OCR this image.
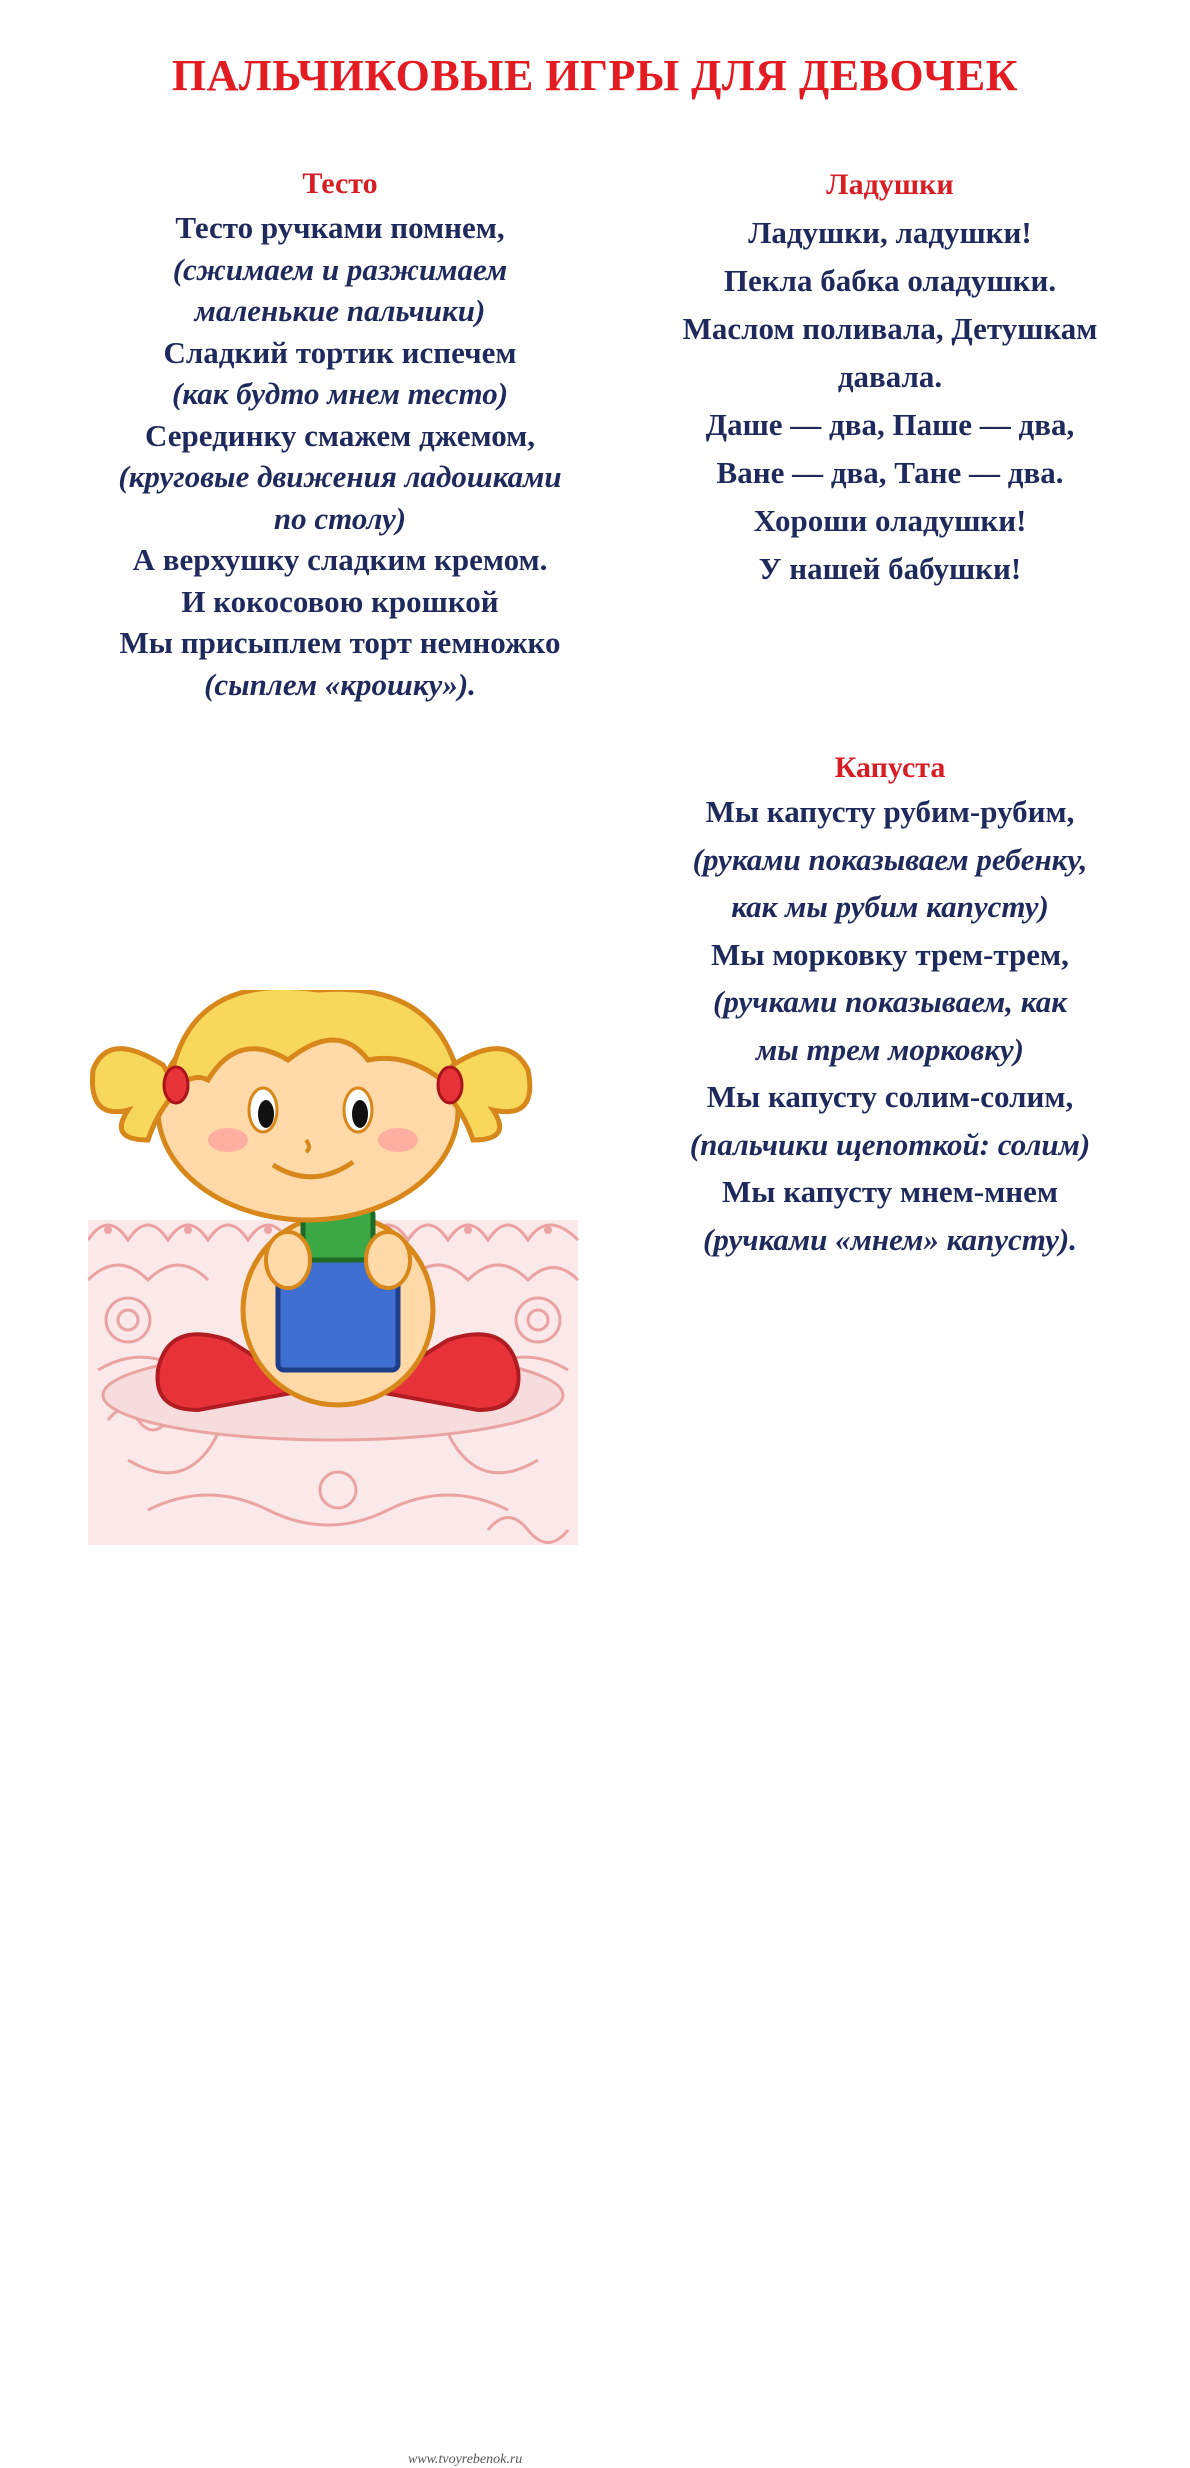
ПАЛЬЧИКОВЫЕ ИГРЫ ДЛЯ ДЕВОЧЕК
Тесто
Тесто ручками помнем,
(сжимаем и разжимаем
маленькие пальчики)
Сладкий тортик испечем
(как будто мнем тесто)
Серединку смажем джемом,
(круговые движения ладошками
по столу)
А верхушку сладким кремом.
И кокосовою крошкой
Мы присыплем торт немножко
(сыплем «крошку»).
Ладушки
Ладушки, ладушки!
Пекла бабка оладушки.
Маслом поливала, Детушкам
давала.
Даше — два, Паше — два,
Ване — два, Тане — два.
Хороши оладушки!
У нашей бабушки!
Капуста
Мы капусту рубим-рубим,
(руками показываем ребенку,
как мы рубим капусту)
Мы морковку трем-трем,
(ручками показываем, как
мы трем морковку)
Мы капусту солим-солим,
(пальчики щепоткой: солим)
Мы капусту мнем-мнем
(ручками «мнем» капусту).
www.tvoyrebenok.ru
